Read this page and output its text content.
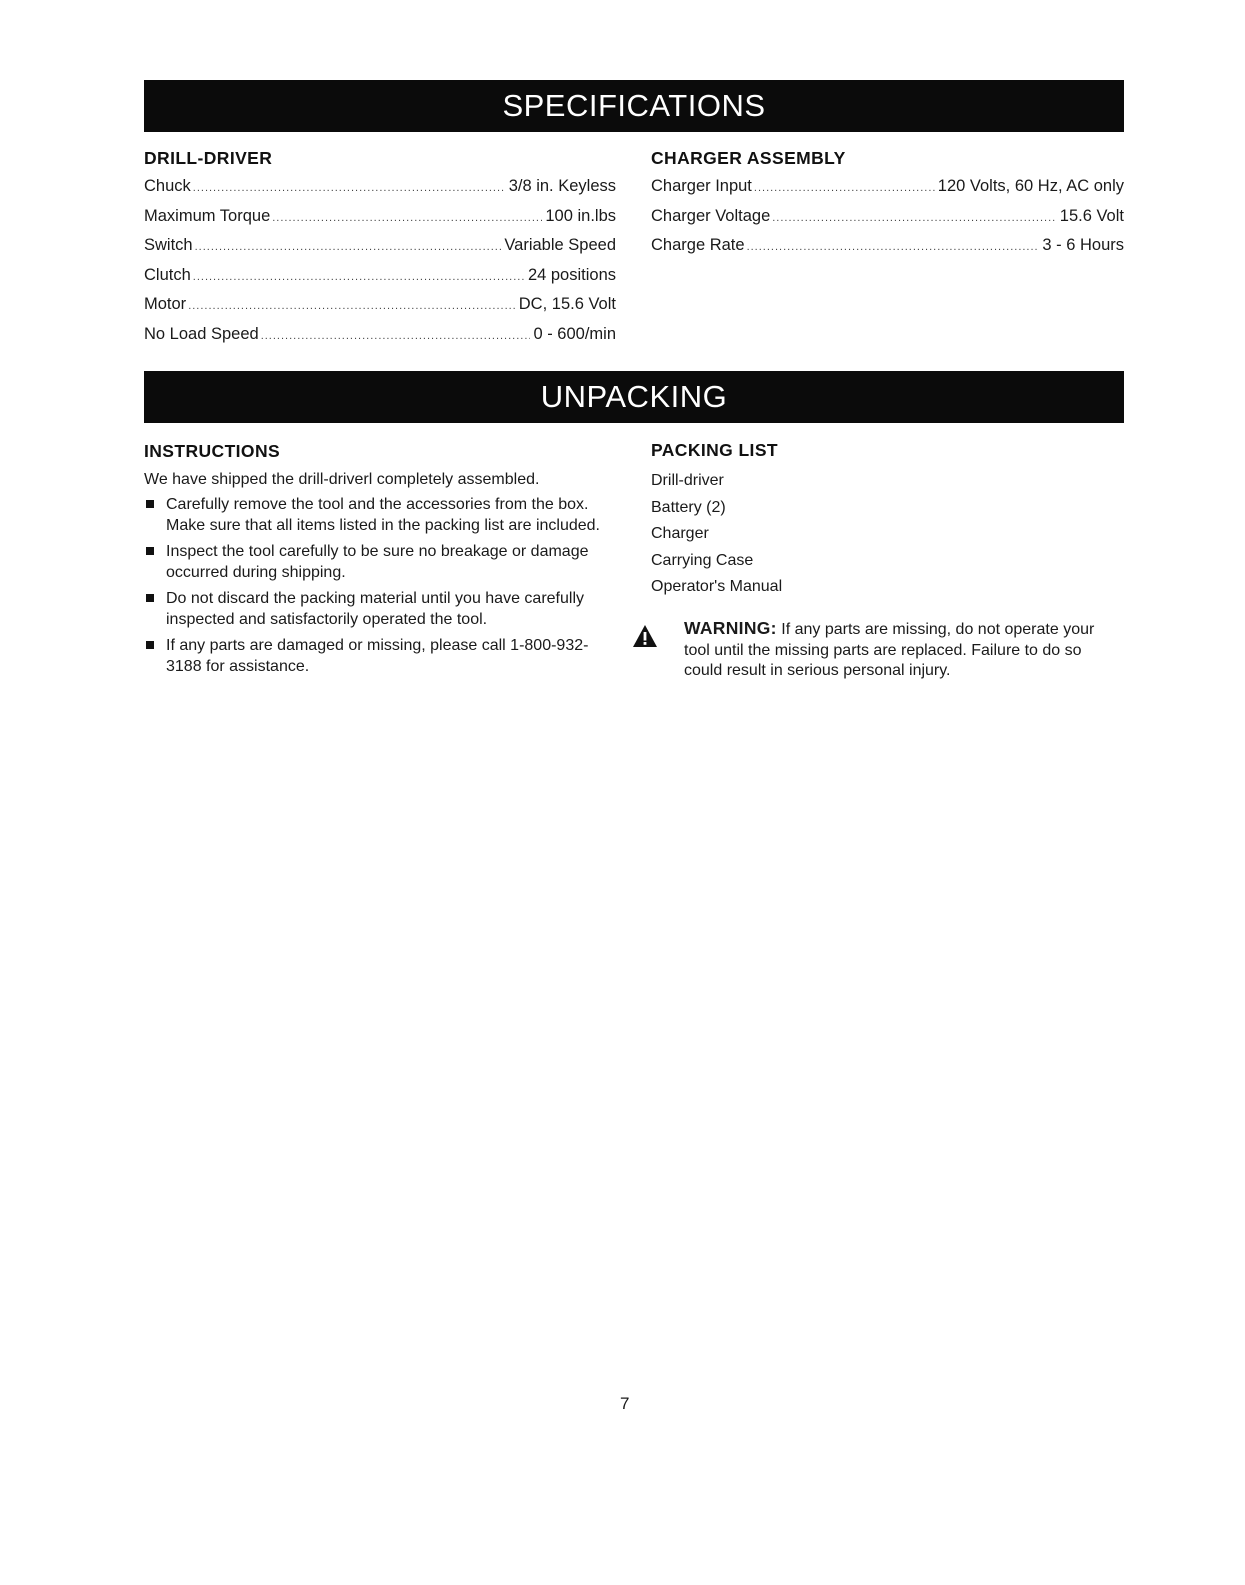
SPECIFICATIONS
DRILL-DRIVER
Chuck .....	3/8 in. Keyless
Maximum Torque .....	100 in.lbs
Switch .....	Variable Speed
Clutch .....	24 positions
Motor .....	DC, 15.6 Volt
No Load Speed .....	0 - 600/min
CHARGER ASSEMBLY
Charger Input .....	120 Volts, 60 Hz, AC only
Charger Voltage .....	15.6 Volt
Charge Rate .....	3 - 6 Hours
UNPACKING
INSTRUCTIONS
We have shipped the drill-driverl completely assembled.
Carefully remove the tool and the accessories from the box. Make sure that all items listed in the packing list are included.
Inspect the tool carefully to be sure no breakage or damage occurred during shipping.
Do not discard the packing material until you have carefully inspected and satisfactorily operated the tool.
If any parts are damaged or missing, please call 1-800-932-3188 for assistance.
PACKING LIST
Drill-driver
Battery (2)
Charger
Carrying Case
Operator's Manual
WARNING: If any parts are missing, do not operate your tool until the missing parts are replaced. Failure to do so could result in serious personal injury.
7
